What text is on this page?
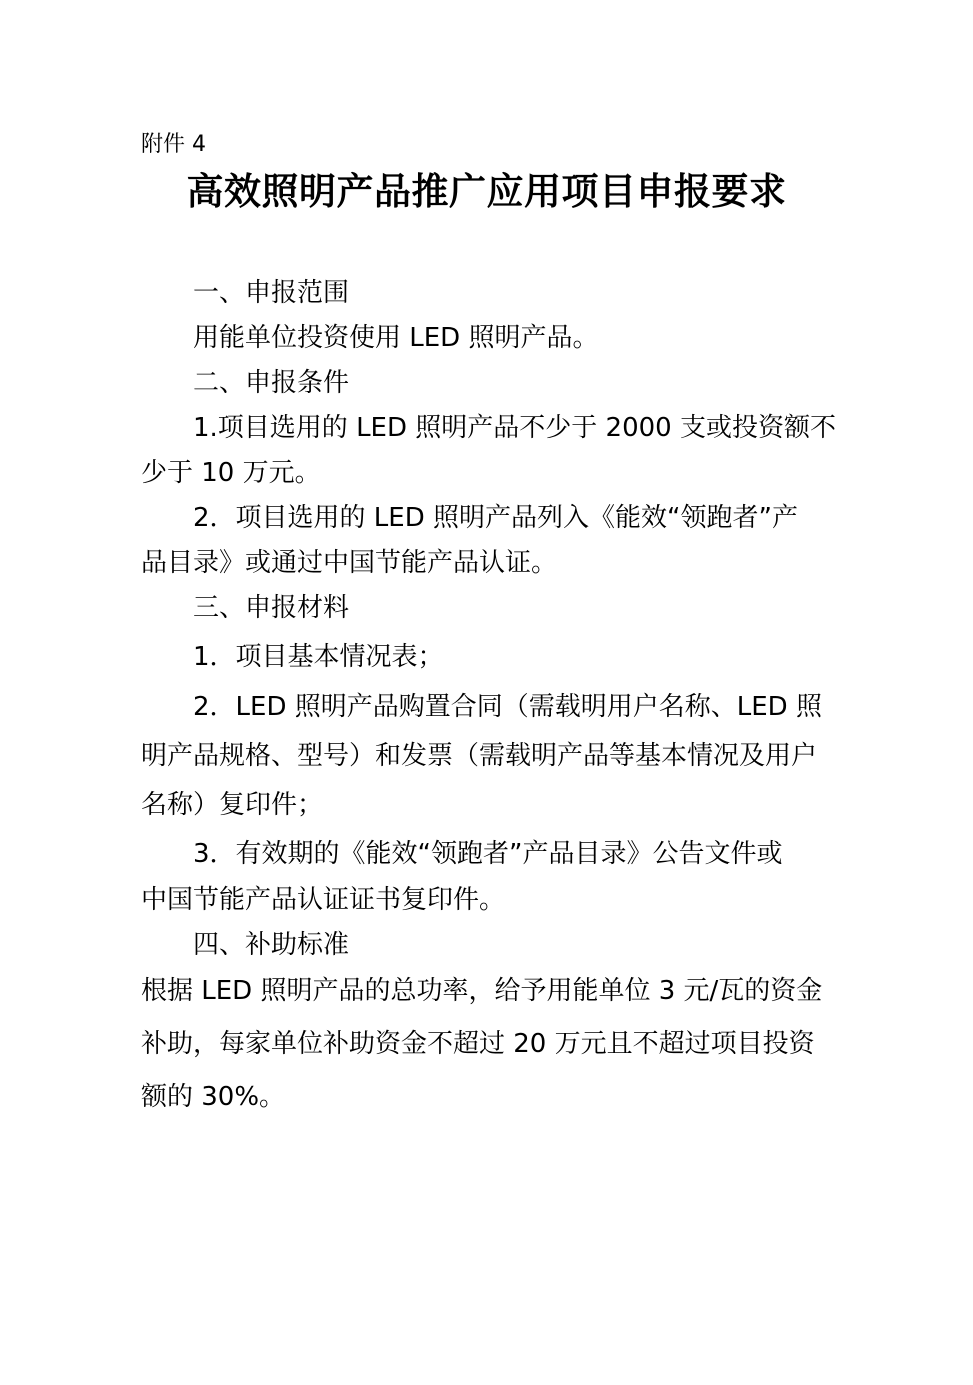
附件 4
高效照明产品推广应用项目申报要求
一、申报范围
用能单位投资使用 LED 照明产品。
二、申报条件
1.项目选用的 LED 照明产品不少于 2000 支或投资额不
少于 10 万元。
2．项目选用的 LED 照明产品列入《能效“领跑者”产
品目录》或通过中国节能产品认证。
三、申报材料
1．项目基本情况表；
2．LED 照明产品购置合同（需载明用户名称、LED 照
明产品规格、型号）和发票（需载明产品等基本情况及用户
名称）复印件；
3．有效期的《能效“领跑者”产品目录》公告文件或
中国节能产品认证证书复印件。
四、补助标准
根据 LED 照明产品的总功率，给予用能单位 3 元/瓦的资金
补助，每家单位补助资金不超过 20 万元且不超过项目投资
额的 30%。
